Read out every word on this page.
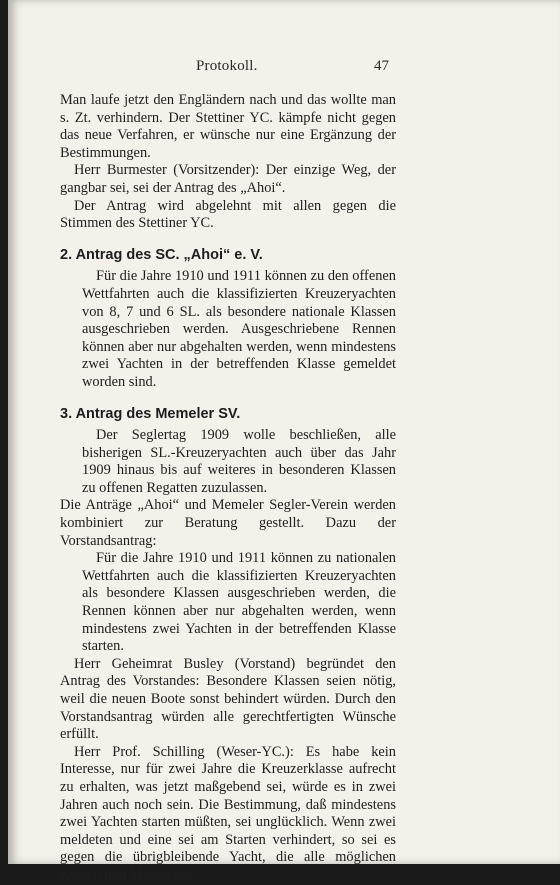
Protokoll.	47

Man laufe jetzt den Engländern nach und das wollte man s. Zt. verhindern. Der Stettiner YC. kämpfe nicht gegen das neue Verfahren, er wünsche nur eine Ergänzung der Bestimmungen.

Herr Burmester (Vorsitzender): Der einzige Weg, der gangbar sei, sei der Antrag des „Ahoi“.

Der Antrag wird abgelehnt mit allen gegen die Stimmen des Stettiner YC.

2. Antrag des SC. „Ahoi“ e. V.

Für die Jahre 1910 und 1911 können zu den offenen Wettfahrten auch die klassifizierten Kreuzeryachten von 8, 7 und 6 SL. als besondere nationale Klassen ausgeschrieben werden. Ausgeschriebene Rennen können aber nur abgehalten werden, wenn mindestens zwei Yachten in der betreffenden Klasse gemeldet worden sind.

3. Antrag des Memeler SV.

Der Seglertag 1909 wolle beschließen, alle bisherigen SL.-Kreuzeryachten auch über das Jahr 1909 hinaus bis auf weiteres in besonderen Klassen zu offenen Regatten zuzulassen.

Die Anträge „Ahoi“ und Memeler Segler-Verein werden kombiniert zur Beratung gestellt. Dazu der Vorstandsantrag:

Für die Jahre 1910 und 1911 können zu nationalen Wettfahrten auch die klassifizierten Kreuzeryachten als besondere Klassen ausgeschrieben werden, die Rennen können aber nur abgehalten werden, wenn mindestens zwei Yachten in der betreffenden Klasse starten.

Herr Geheimrat Busley (Vorstand) begründet den Antrag des Vorstandes: Besondere Klassen seien nötig, weil die neuen Boote sonst behindert würden. Durch den Vorstandsantrag würden alle gerechtfertigten Wünsche erfüllt.

Herr Prof. Schilling (Weser-YC.): Es habe kein Interesse, nur für zwei Jahre die Kreuzerklasse aufrecht zu erhalten, was jetzt maßgebend sei, würde es in zwei Jahren auch noch sein. Die Bestimmung, daß mindestens zwei Yachten starten müßten, sei unglücklich. Wenn zwei meldeten und eine sei am Starten verhindert, so sei es gegen die übrigbleibende Yacht, die alle möglichen Kosten und Mühen auf-
